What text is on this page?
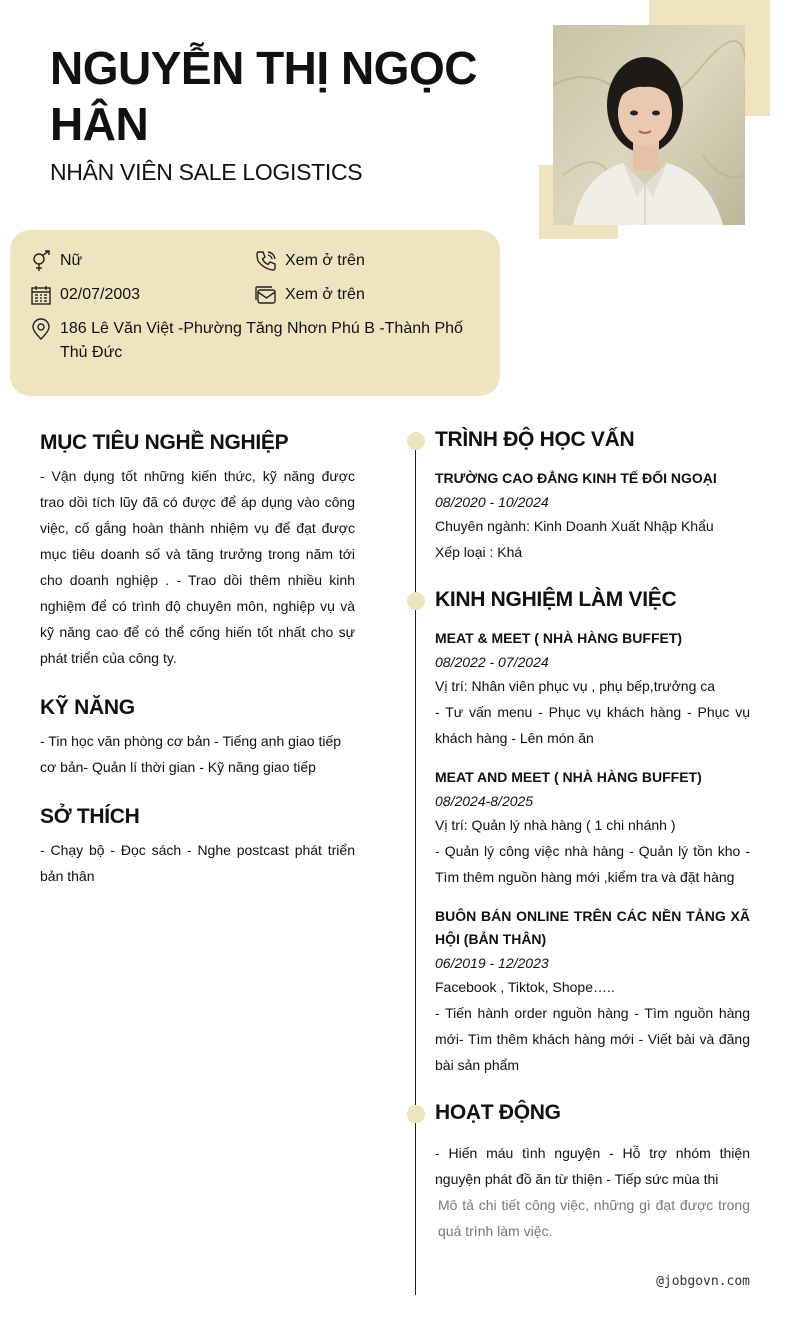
NGUYỄN THỊ NGỌC HÂN
NHÂN VIÊN SALE LOGISTICS
Nữ	Xem ở trên
02/07/2003	Xem ở trên
186 Lê Văn Việt -Phường Tăng Nhơn Phú B -Thành Phố Thủ Đức
MỤC TIÊU NGHỀ NGHIỆP
- Vận dụng tốt những kiến thức, kỹ năng được trao dồi tích lũy đã có được để áp dụng vào công việc, cố gắng hoàn thành nhiệm vụ để đạt được mục tiêu doanh số và tăng trưởng trong năm tới cho doanh nghiệp . - Trao dồi thêm nhiều kinh nghiệm để có trình độ chuyên môn, nghiệp vụ và kỹ năng cao để có thể cống hiến tốt nhất cho sự phát triển của công ty.
KỸ NĂNG
- Tin học văn phòng cơ bản - Tiếng anh giao tiếp cơ bản- Quản lí thời gian - Kỹ năng giao tiếp
SỞ THÍCH
- Chạy bộ - Đọc sách - Nghe postcast phát triển bản thân
TRÌNH ĐỘ HỌC VẤN
TRƯỜNG CAO ĐẲNG KINH TẾ ĐỐI NGOẠI
08/2020 - 10/2024
Chuyên ngành: Kinh Doanh Xuất Nhập Khẩu
Xếp loại : Khá
KINH NGHIỆM LÀM VIỆC
MEAT & MEET ( NHÀ HÀNG BUFFET)
08/2022 - 07/2024
Vị trí: Nhân viên phục vụ , phụ bếp,trưởng ca
- Tư vấn menu - Phục vụ khách hàng - Phục vụ khách hàng - Lên món ăn
MEAT AND MEET ( NHÀ HÀNG BUFFET)
08/2024-8/2025
Vị trí: Quản lý nhà hàng ( 1 chi nhánh )
- Quản lý công việc nhà hàng - Quản lý tồn kho - Tìm thêm nguồn hàng mới ,kiểm tra và đặt hàng
BUÔN BÁN ONLINE TRÊN CÁC NỀN TẢNG XÃ HỘI (BẢN THÂN)
06/2019 - 12/2023
Facebook , Tiktok, Shope…..
- Tiến hành order nguồn hàng - Tìm nguồn hàng mới- Tìm thêm khách hàng mới - Viết bài và đăng bài sản phẩm
HOẠT ĐỘNG
- Hiến máu tình nguyện - Hỗ trợ nhóm thiện nguyện phát đồ ăn từ thiện - Tiếp sức mùa thi
Mô tả chi tiết công việc, những gì đạt được trong quá trình làm việc.
@jobgovn.com
